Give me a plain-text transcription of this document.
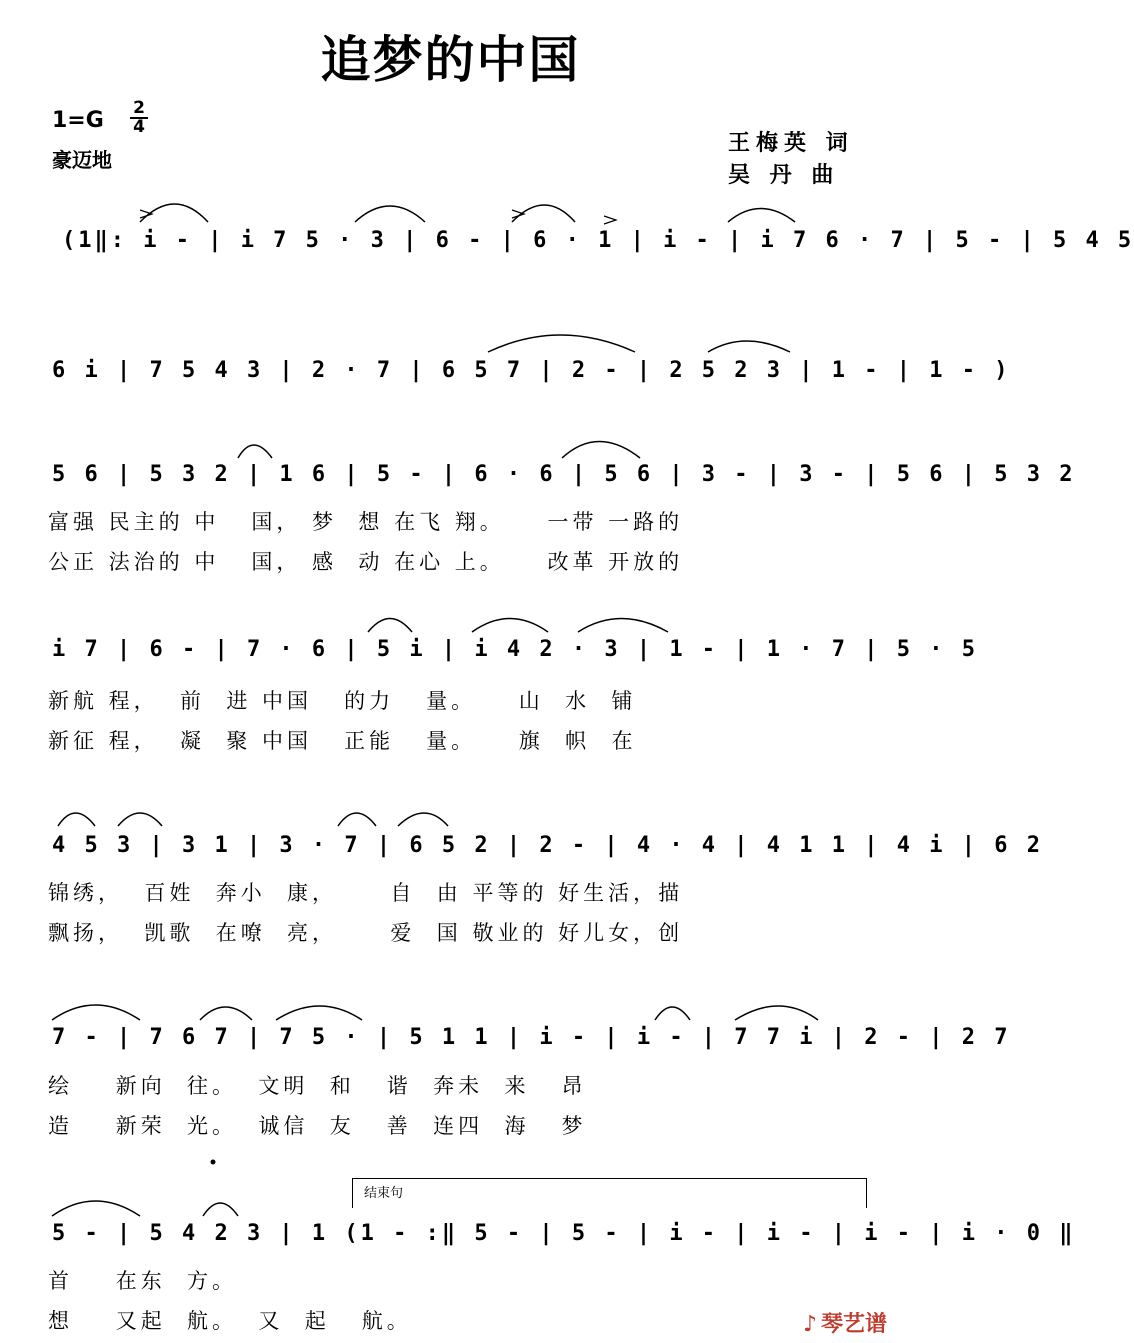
追梦的中国
$1=G \frac{2}{4}$
豪迈地
王梅英 词
吴 丹 曲
(1‖: i - | i 7 5 · 3 | 6 - | 6 · 1 | i - | i 7 6 · 7 | 5 - | 5 4 5
6 i | 7 5 4 3 | 2 · 7 | 6 5 7 | 2 - | 2 5 2 3 | 1 - | 1 - )
5 6 | 5 3 2 | 1 6 | 5 - | 6 · 6 | 5 6 | 3 - | 3 - | 5 6 | 5 3 2
i 7 | 6 - | 7 · 6 | 5 i | i 4 2 · 3 | 1 - | 1 · 7 | 5 · 5
4 5 3 | 3 1 | 3 · 7 | 6 5 2 | 2 - | 4 · 4 | 4 1 1 | 4 i | 6 2
7 - | 7 6 7 | 7 5 · | 5 1 1 | i - | i - | 7 7 i | 2 - | 2 7
5 - | 5 4 2 3 | 1 (1 - :‖ 5 - | 5 - | i - | i - | i - | i · 0 ‖
富强 民主的 中   国， 梦  想 在飞 翔。    一带 一路的
公正 法治的 中   国， 感  动 在心 上。    改革 开放的
新航 程，  前  进 中国   的力   量。    山  水  铺
新征 程，  凝  聚 中国   正能   量。    旗  帜  在
锦绣，  百姓  奔小  康，     自  由 平等的 好生活，描
飘扬，  凯歌  在嘹  亮，     爱  国 敬业的 好儿女，创
绘    新向  往。  文明  和   谐  奔未  来   昂
造    新荣  光。  诚信  友   善  连四  海   梦
首    在东  方。
想    又起  航。  又  起   航。
结束句
♪ 琴艺谱
